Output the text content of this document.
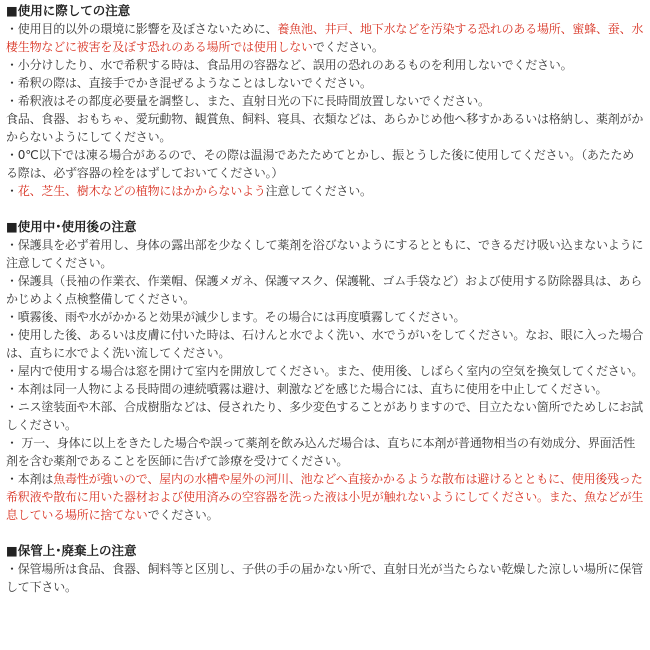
■使用に際しての注意
・使用目的以外の環境に影響を及ぼさないために、養魚池、井戸、地下水などを汚染する恐れのある場所、蜜蜂、蚕、水棲生物などに被害を及ぼす恐れのある場所では使用しないでください。
・小分けしたり、水で希釈する時は、食品用の容器など、誤用の恐れのあるものを利用しないでください。
・希釈の際は、直接手でかき混ぜるようなことはしないでください。
・希釈液はその都度必要量を調整し、また、直射日光の下に長時間放置しないでください。
食品、食器、おもちゃ、愛玩動物、観賞魚、飼料、寝具、衣類などは、あらかじめ他へ移すかあるいは格納し、薬剤がかからないようにしてください。
・0℃以下では凍る場合があるので、その際は温湯であたためてとかし、振とうした後に使用してください。（あたためる際は、必ず容器の栓をはずしておいてください。）
・花、芝生、樹木などの植物にはかからないよう注意してください。
■使用中･使用後の注意
・保護具を必ず着用し、身体の露出部を少なくして薬剤を浴びないようにするとともに、できるだけ吸い込まないように注意してください。
・保護具（長袖の作業衣、作業帽、保護メガネ、保護マスク、保護靴、ゴム手袋など）および使用する防除器具は、あらかじめよく点検整備してください。
・噴霧後、雨や水がかかると効果が減少します。その場合には再度噴霧してください。
・使用した後、あるいは皮膚に付いた時は、石けんと水でよく洗い、水でうがいをしてください。なお、眼に入った場合は、直ちに水でよく洗い流してください。
・屋内で使用する場合は窓を開けて室内を開放してください。また、使用後、しばらく室内の空気を換気してください。
・本剤は同一人物による長時間の連続噴霧は避け、刺激などを感じた場合には、直ちに使用を中止してください。
・ニス塗装面や木部、合成樹脂などは、侵されたり、多少変色することがありますので、目立たない箇所でためしにお試しください。
・ 万一、身体に以上をきたした場合や誤って薬剤を飲み込んだ場合は、直ちに本剤が普通物相当の有効成分、界面活性剤を含む薬剤であることを医師に告げて診療を受けてください。
・本剤は魚毒性が強いので、屋内の水槽や屋外の河川、池などへ直接かかるような散布は避けるとともに、使用後残った希釈液や散布に用いた器材および使用済みの空容器を洗った液は小児が触れないようにしてください。また、魚などが生息している場所に捨てないでください。
■保管上･廃棄上の注意
・保管場所は食品、食器、飼料等と区別し、子供の手の届かない所で、直射日光が当たらない乾燥した涼しい場所に保管して下さい。
